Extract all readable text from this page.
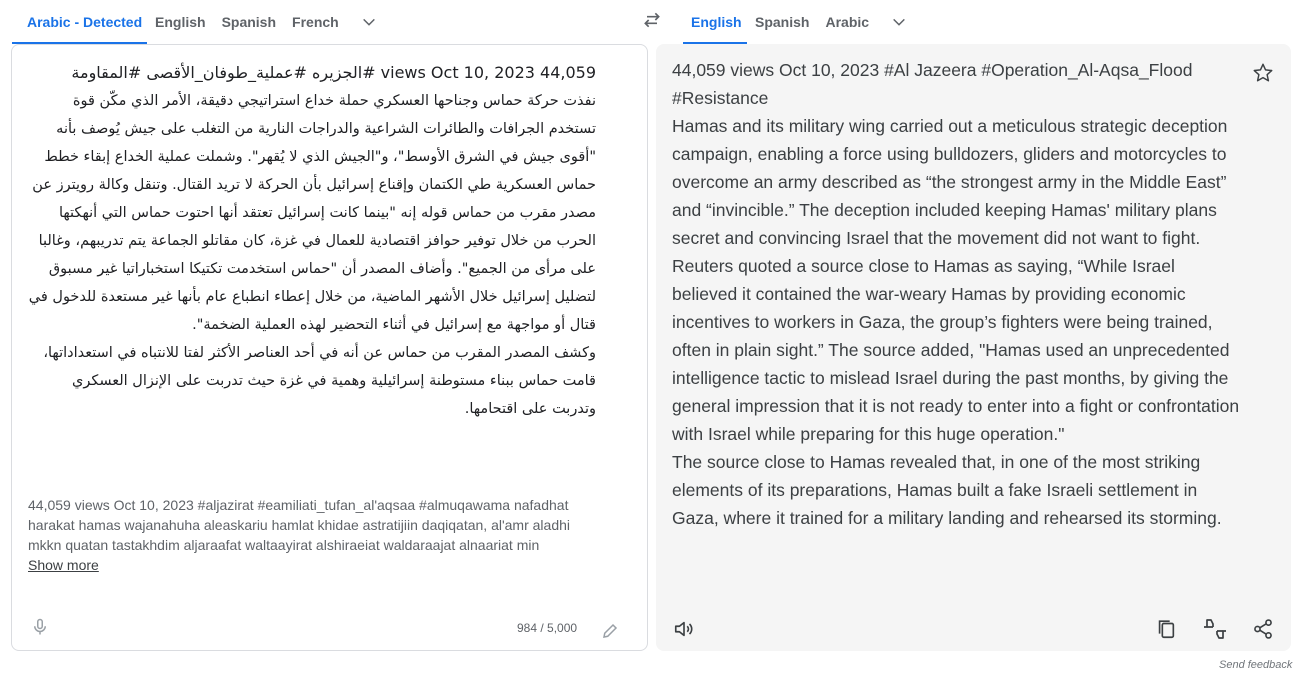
Arabic - Detected English	Spanish	French	English Spanish	Arabic
44,059 views Oct 10, 2023 #الجزيره #عملية_طوفان_الأقصى #المقاومة
نفذت حركة حماس وجناحها العسكري حملة خداع استراتيجي دقيقة، الأمر الذي مكّن قوة تستخدم الجرافات والطائرات الشراعية والدراجات النارية من التغلب على جيش يُوصف بأنه "أقوى جيش في الشرق الأوسط"، و"الجيش الذي لا يُقهر". وشملت عملية الخداع إبقاء خطط حماس العسكرية طي الكتمان وإقناع إسرائيل بأن الحركة لا تريد القتال. وتنقل وكالة رويترز عن مصدر مقرب من حماس قوله إنه "بينما كانت إسرائيل تعتقد أنها احتوت حماس التي أنهكتها الحرب من خلال توفير حوافز اقتصادية للعمال في غزة، كان مقاتلو الجماعة يتم تدريبهم، وغالبا على مرأى من الجميع". وأضاف المصدر أن "حماس استخدمت تكتيكا استخباراتيا غير مسبوق لتضليل إسرائيل خلال الأشهر الماضية، من خلال إعطاء انطباع عام بأنها غير مستعدة للدخول في قتال أو مواجهة مع إسرائيل في أثناء التحضير لهذه العملية الضخمة".
وكشف المصدر المقرب من حماس عن أنه في أحد العناصر الأكثر لفتا للانتباه في استعداداتها، قامت حماس ببناء مستوطنة إسرائيلية وهمية في غزة حيث تدربت على الإنزال العسكري وتدربت على اقتحامها.
44,059 views Oct 10, 2023 #aljazirat #eamiliati_tufan_al'aqsaa #almuqawama nafadhat harakat hamas wajanahuha aleaskariu hamlat khidae astratijiin daqiqatan, al'amr aladhi mkkn quatan tastakhdim aljaraafat waltaayirat alshiraeiat waldaraajat alnaariat min
Show more
984 / 5,000

44,059 views Oct 10, 2023 #Al Jazeera #Operation_Al-Aqsa_Flood #Resistance

Hamas and its military wing carried out a meticulous strategic deception campaign, enabling a force using bulldozers, gliders and motorcycles to overcome an army described as “the strongest army in the Middle East” and “invincible.” The deception included keeping Hamas' military plans secret and convincing Israel that the movement did not want to fight. Reuters quoted a source close to Hamas as saying, “While Israel believed it contained the war-weary Hamas by providing economic incentives to workers in Gaza, the group’s fighters were being trained, often in plain sight.” The source added, "Hamas used an unprecedented intelligence tactic to mislead Israel during the past months, by giving the general impression that it is not ready to enter into a fight or confrontation with Israel while preparing for this huge operation."

The source close to Hamas revealed that, in one of the most striking elements of its preparations, Hamas built a fake Israeli settlement in Gaza, where it trained for a military landing and rehearsed its storming.

Send feedback
